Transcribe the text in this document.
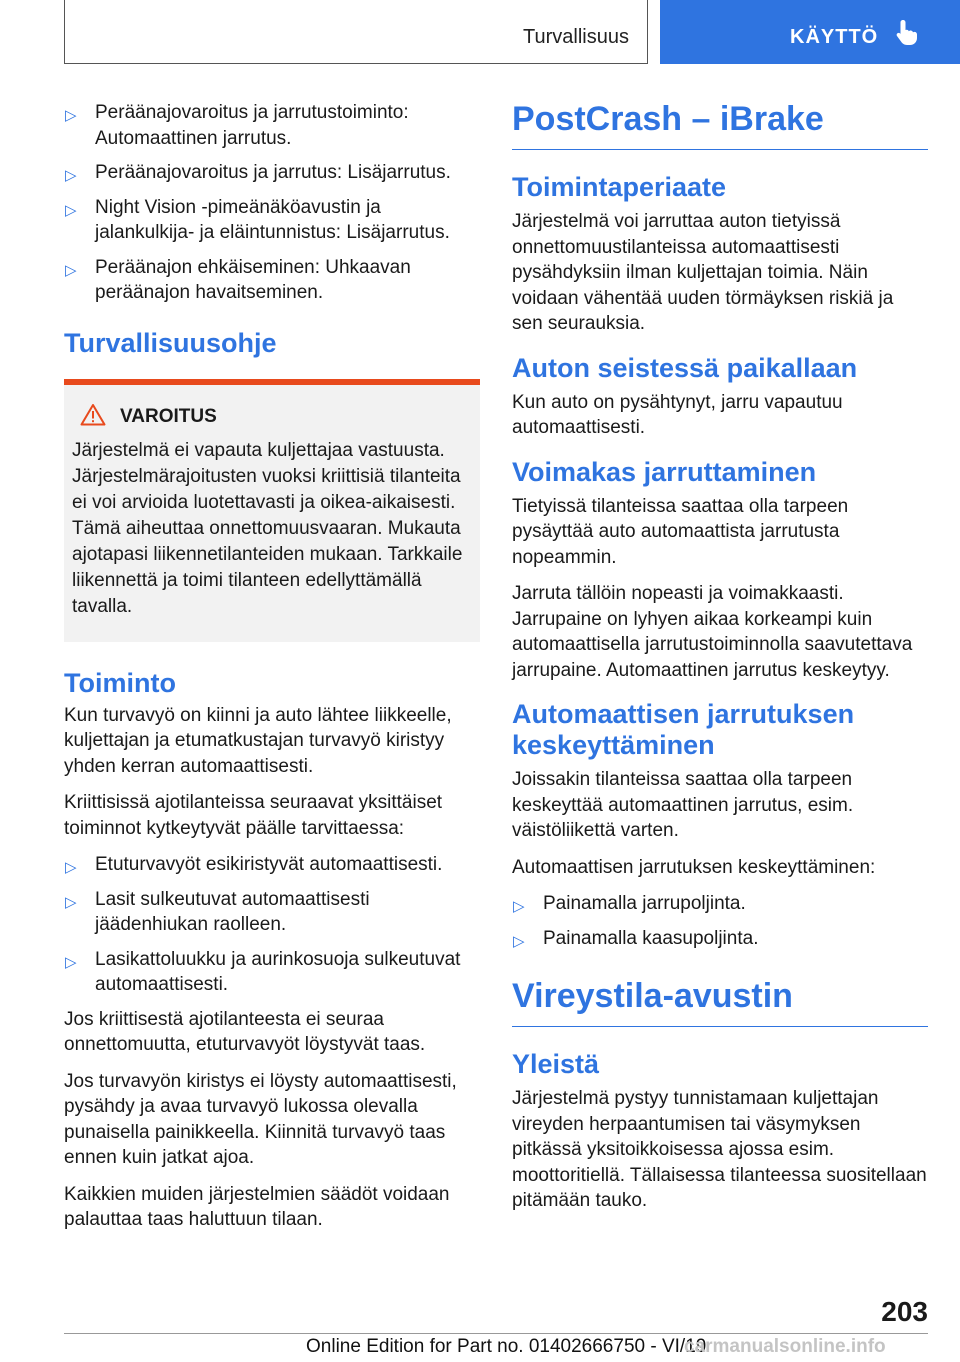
Turvallisuus	KÄYTTÖ
▷ Peräänajovaroitus ja jarrutustoiminto: Automaattinen jarrutus.
▷ Peräänajovaroitus ja jarrutus: Lisäjarrutus.
▷ Night Vision -pimeänäköavustin ja jalankulkija- ja eläintunnistus: Lisäjarrutus.
▷ Peräänajon ehkäiseminen: Uhkaavan peräänajon havaitseminen.
Turvallisuusohje
VAROITUS

Järjestelmä ei vapauta kuljettajaa vastuusta. Järjestelmärajoitusten vuoksi kriittisiä tilanteita ei voi arvioida luotettavasti ja oikea-aikaisesti. Tämä aiheuttaa onnettomuusvaaran. Mukauta ajotapasi liikennetilanteiden mukaan. Tarkkaile liikennettä ja toimi tilanteen edellyttämällä tavalla.

Toiminto

Kun turvavyö on kiinni ja auto lähtee liikkeelle, kuljettajan ja etumatkustajan turvavyö kiristyy yhden kerran automaattisesti.

Kriittisissä ajotilanteissa seuraavat yksittäiset toiminnot kytkeytyvät päälle tarvittaessa:

▷ Etuturvavyöt esikiristyvät automaattisesti.
▷ Lasit sulkeutuvat automaattisesti jäädenhiukan raolleen.
▷ Lasikattoluukku ja aurinkosuoja sulkeutuvat automaattisesti.

Jos kriittisestä ajotilanteesta ei seuraa onnettomuutta, etuturvavyöt löystyvät taas.

Jos turvavyön kiristys ei löysty automaattisesti, pysähdy ja avaa turvavyö lukossa olevalla punaisella painikkeella. Kiinnitä turvavyö taas ennen kuin jatkat ajoa.

Kaikkien muiden järjestelmien säädöt voidaan palauttaa taas haluttuun tilaan.

PostCrash – iBrake
Toimintaperiaate

Järjestelmä voi jarruttaa auton tietyissä onnettomuustilanteissa automaattisesti pysähdyksiin ilman kuljettajan toimia. Näin voidaan vähentää uuden törmäyksen riskiä ja sen seurauksia.

Auton seistessä paikallaan

Kun auto on pysähtynyt, jarru vapautuu automaattisesti.

Voimakas jarruttaminen

Tietyissä tilanteissa saattaa olla tarpeen pysäyttää auto automaattista jarrutusta nopeammin.

Jarruta tällöin nopeasti ja voimakkaasti. Jarrupaine on lyhyen aikaa korkeampi kuin automaattisella jarrutustoiminnolla saavutettava jarrupaine. Automaattinen jarrutus keskeytyy.

Automaattisen jarrutuksen keskeyttäminen

Joissakin tilanteissa saattaa olla tarpeen keskeyttää automaattinen jarrutus, esim. väistöliikettä varten.

Automaattisen jarrutuksen keskeyttäminen:

▷ Painamalla jarrupoljinta.
▷ Painamalla kaasupoljinta.
Vireystila-avustin
Yleistä

Järjestelmä pystyy tunnistamaan kuljettajan vireyden herpaantumisen tai väsymyksen pitkässä yksitoikkoisessa ajossa esim. moottoritiellä. Tällaisessa tilanteessa suositellaan pitämään tauko.

203
Online Edition for Part no. 01402666750 - VI/19
carmanualsonline.info
